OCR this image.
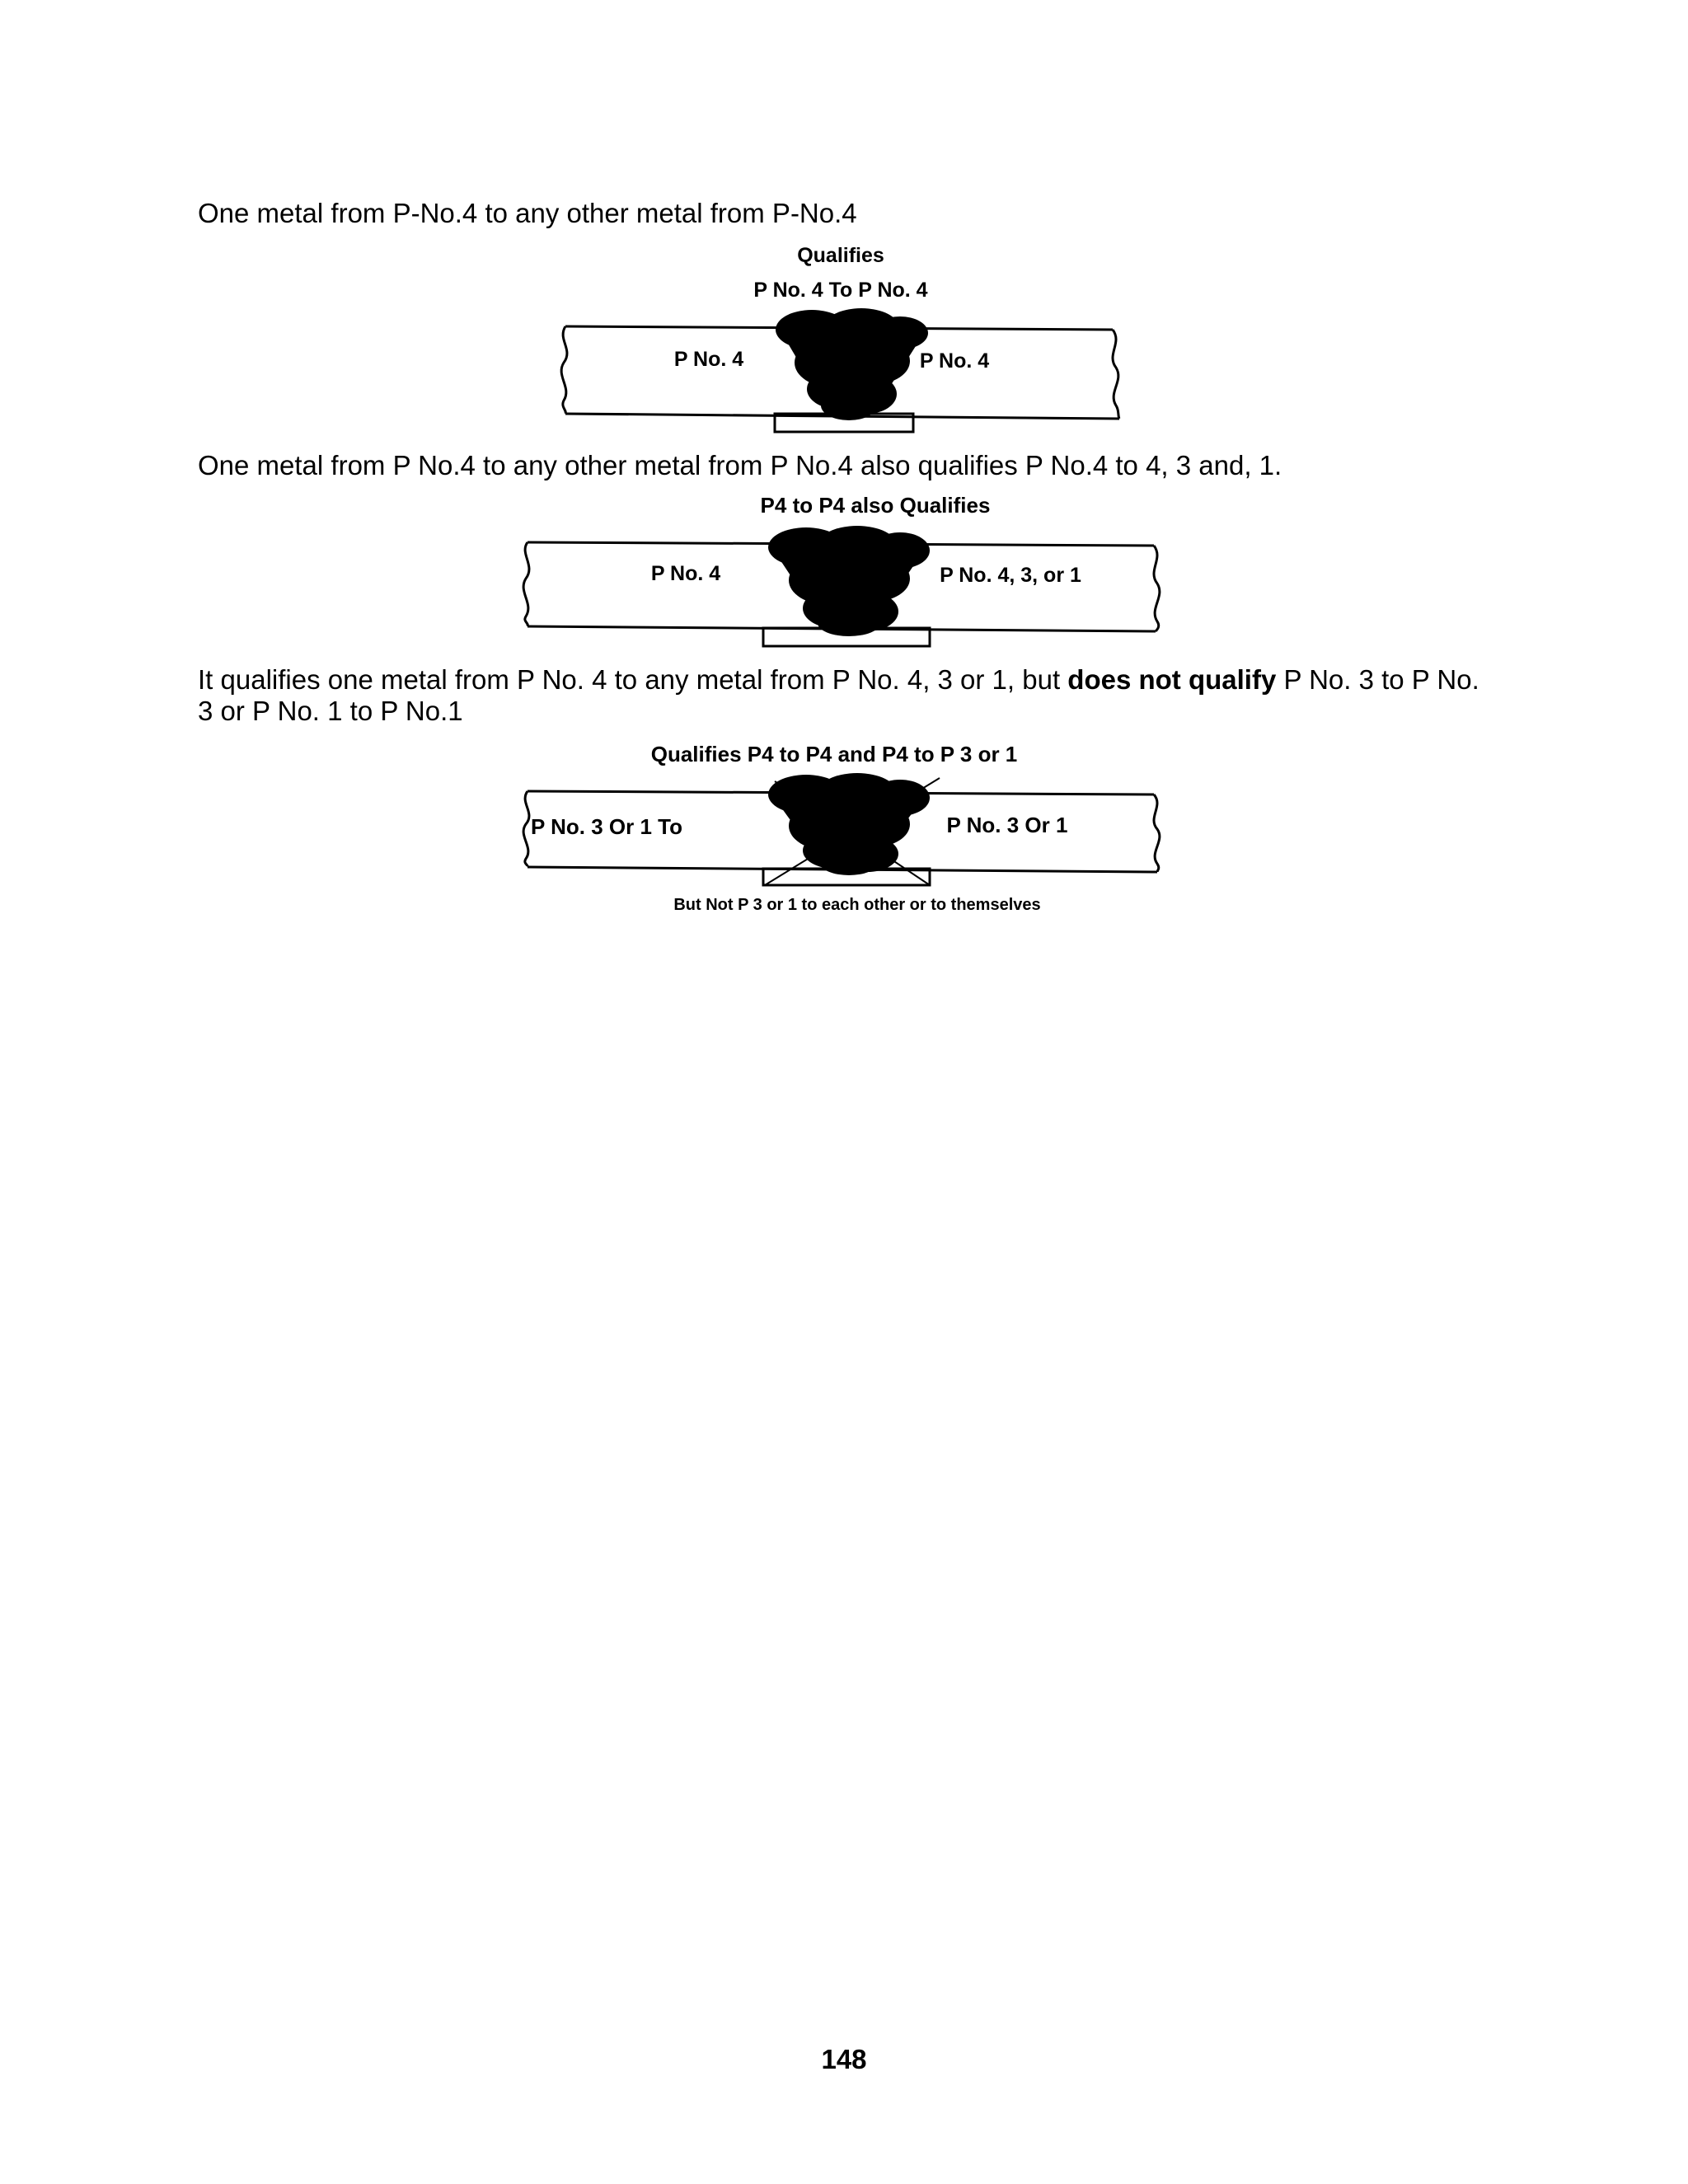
One metal from P-No.4 to any other metal from P-No.4

One metal from P No.4 to any other metal from P No.4 also qualifies P No.4 to 4, 3 and, 1.

It qualifies one metal from P No. 4 to any metal from P No. 4, 3 or 1, but does not qualify P No. 3 to P No. 3 or P No. 1 to P No.1

Qualifies
P No. 4 To P No. 4
P No. 4	P No. 4
P4 to P4 also Qualifies
P No. 4	P No. 4, 3, or 1
Qualifies P4 to P4 and P4 to P 3 or 1
P No. 3 Or 1 To	P No. 3 Or 1
But Not P 3 or 1 to each other or to themselves
148
